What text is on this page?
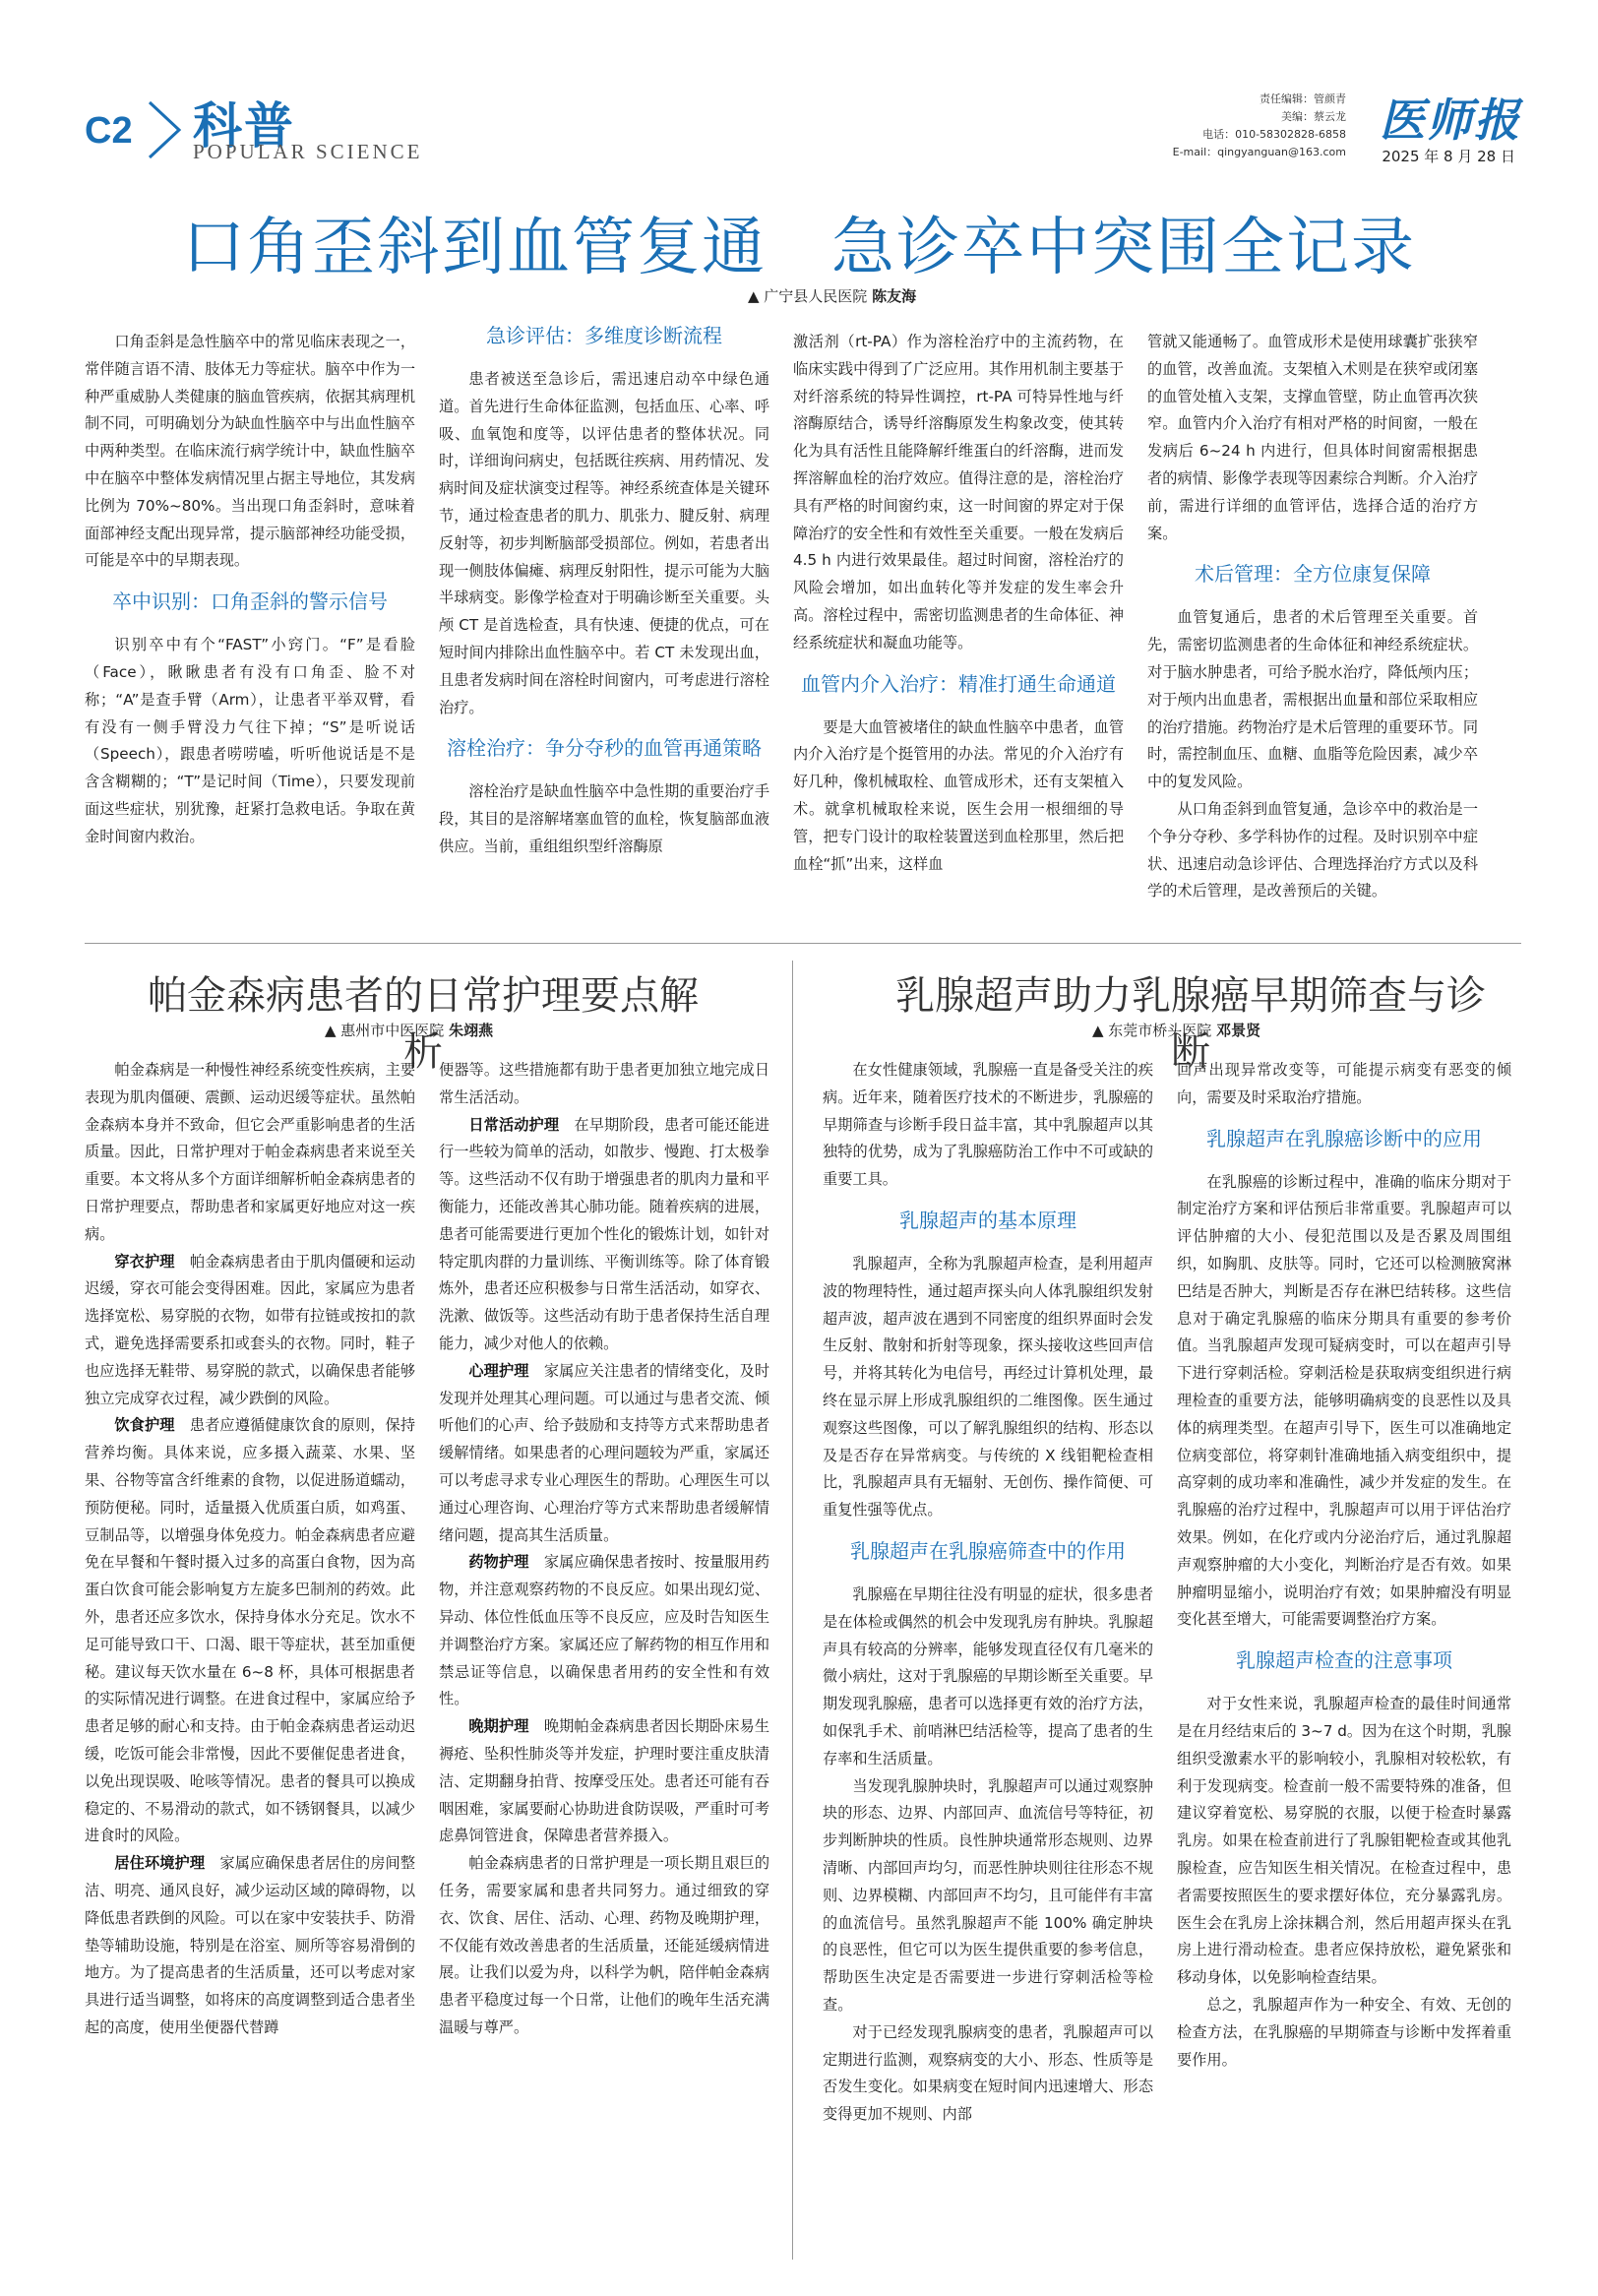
C2 科普
POPULAR SCIENCE
责任编辑：管颜青
美编：蔡云龙
电话：010-58302828-6858
E-mail：qingyanguan@163.com
医师报
2025 年 8 月 28 日
口角歪斜到血管复通　急诊卒中突围全记录
▲ 广宁县人民医院 陈友海

口角歪斜是急性脑卒中的常见临床表现之一，常伴随言语不清、肢体无力等症状。脑卒中作为一种严重威胁人类健康的脑血管疾病，依据其病理机制不同，可明确划分为缺血性脑卒中与出血性脑卒中两种类型。在临床流行病学统计中，缺血性脑卒中在脑卒中整体发病情况里占据主导地位，其发病比例为 70%~80%。当出现口角歪斜时，意味着面部神经支配出现异常，提示脑部神经功能受损，可能是卒中的早期表现。

卒中识别：口角歪斜的警示信号

识别卒中有个“FAST”小窍门。“F”是看脸（Face），瞅瞅患者有没有口角歪、脸不对称；“A”是查手臂（Arm），让患者平举双臂，看有没有一侧手臂没力气往下掉；“S”是听说话（Speech），跟患者唠唠嗑，听听他说话是不是含含糊糊的；“T”是记时间（Time），只要发现前面这些症状，别犹豫，赶紧打急救电话。争取在黄金时间窗内救治。

急诊评估：多维度诊断流程

患者被送至急诊后，需迅速启动卒中绿色通道。首先进行生命体征监测，包括血压、心率、呼吸、血氧饱和度等，以评估患者的整体状况。同时，详细询问病史，包括既往疾病、用药情况、发病时间及症状演变过程等。神经系统查体是关键环节，通过检查患者的肌力、肌张力、腱反射、病理反射等，初步判断脑部受损部位。例如，若患者出现一侧肢体偏瘫、病理反射阳性，提示可能为大脑半球病变。影像学检查对于明确诊断至关重要。头颅 CT 是首选检查，具有快速、便捷的优点，可在短时间内排除出血性脑卒中。若 CT 未发现出血，且患者发病时间在溶栓时间窗内，可考虑进行溶栓治疗。

溶栓治疗：争分夺秒的血管再通策略

溶栓治疗是缺血性脑卒中急性期的重要治疗手段，其目的是溶解堵塞血管的血栓，恢复脑部血液供应。当前，重组组织型纤溶酶原

激活剂（rt-PA）作为溶栓治疗中的主流药物，在临床实践中得到了广泛应用。其作用机制主要基于对纤溶系统的特异性调控，rt-PA 可特异性地与纤溶酶原结合，诱导纤溶酶原发生构象改变，使其转化为具有活性且能降解纤维蛋白的纤溶酶，进而发挥溶解血栓的治疗效应。值得注意的是，溶栓治疗具有严格的时间窗约束，这一时间窗的界定对于保障治疗的安全性和有效性至关重要。一般在发病后 4.5 h 内进行效果最佳。超过时间窗，溶栓治疗的风险会增加，如出血转化等并发症的发生率会升高。溶栓过程中，需密切监测患者的生命体征、神经系统症状和凝血功能等。

血管内介入治疗：精准打通生命通道

要是大血管被堵住的缺血性脑卒中患者，血管内介入治疗是个挺管用的办法。常见的介入治疗有好几种，像机械取栓、血管成形术，还有支架植入术。就拿机械取栓来说，医生会用一根细细的导管，把专门设计的取栓装置送到血栓那里，然后把血栓“抓”出来，这样血

管就又能通畅了。血管成形术是使用球囊扩张狭窄的血管，改善血流。支架植入术则是在狭窄或闭塞的血管处植入支架，支撑血管壁，防止血管再次狭窄。血管内介入治疗有相对严格的时间窗，一般在发病后 6~24 h 内进行，但具体时间窗需根据患者的病情、影像学表现等因素综合判断。介入治疗前，需进行详细的血管评估，选择合适的治疗方案。

术后管理：全方位康复保障

血管复通后，患者的术后管理至关重要。首先，需密切监测患者的生命体征和神经系统症状。对于脑水肿患者，可给予脱水治疗，降低颅内压；对于颅内出血患者，需根据出血量和部位采取相应的治疗措施。药物治疗是术后管理的重要环节。同时，需控制血压、血糖、血脂等危险因素，减少卒中的复发风险。

从口角歪斜到血管复通，急诊卒中的救治是一个争分夺秒、多学科协作的过程。及时识别卒中症状、迅速启动急诊评估、合理选择治疗方式以及科学的术后管理，是改善预后的关键。

帕金森病患者的日常护理要点解析
▲ 惠州市中医医院 朱翊燕

帕金森病是一种慢性神经系统变性疾病，主要表现为肌肉僵硬、震颤、运动迟缓等症状。虽然帕金森病本身并不致命，但它会严重影响患者的生活质量。因此，日常护理对于帕金森病患者来说至关重要。本文将从多个方面详细解析帕金森病患者的日常护理要点，帮助患者和家属更好地应对这一疾病。

穿衣护理　 帕金森病患者由于肌肉僵硬和运动迟缓，穿衣可能会变得困难。因此，家属应为患者选择宽松、易穿脱的衣物，如带有拉链或按扣的款式，避免选择需要系扣或套头的衣物。同时，鞋子也应选择无鞋带、易穿脱的款式，以确保患者能够独立完成穿衣过程，减少跌倒的风险。

饮食护理　 患者应遵循健康饮食的原则，保持营养均衡。具体来说，应多摄入蔬菜、水果、坚果、谷物等富含纤维素的食物，以促进肠道蠕动，预防便秘。同时，适量摄入优质蛋白质，如鸡蛋、豆制品等，以增强身体免疫力。帕金森病患者应避免在早餐和午餐时摄入过多的高蛋白食物，因为高蛋白饮食可能会影响复方左旋多巴制剂的药效。此外，患者还应多饮水，保持身体水分充足。饮水不足可能导致口干、口渴、眼干等症状，甚至加重便秘。建议每天饮水量在 6~8 杯，具体可根据患者的实际情况进行调整。在进食过程中，家属应给予患者足够的耐心和支持。由于帕金森病患者运动迟缓，吃饭可能会非常慢，因此不要催促患者进食，以免出现误吸、呛咳等情况。患者的餐具可以换成稳定的、不易滑动的款式，如不锈钢餐具，以减少进食时的风险。

居住环境护理　 家属应确保患者居住的房间整洁、明亮、通风良好，减少运动区域的障碍物，以降低患者跌倒的风险。可以在家中安装扶手、防滑垫等辅助设施，特别是在浴室、厕所等容易滑倒的地方。为了提高患者的生活质量，还可以考虑对家具进行适当调整，如将床的高度调整到适合患者坐起的高度，使用坐便器代替蹲

便器等。这些措施都有助于患者更加独立地完成日常生活活动。

日常活动护理　 在早期阶段，患者可能还能进行一些较为简单的活动，如散步、慢跑、打太极拳等。这些活动不仅有助于增强患者的肌肉力量和平衡能力，还能改善其心肺功能。随着疾病的进展，患者可能需要进行更加个性化的锻炼计划，如针对特定肌肉群的力量训练、平衡训练等。除了体育锻炼外，患者还应积极参与日常生活活动，如穿衣、洗漱、做饭等。这些活动有助于患者保持生活自理能力，减少对他人的依赖。

心理护理　 家属应关注患者的情绪变化，及时发现并处理其心理问题。可以通过与患者交流、倾听他们的心声、给予鼓励和支持等方式来帮助患者缓解情绪。如果患者的心理问题较为严重，家属还可以考虑寻求专业心理医生的帮助。心理医生可以通过心理咨询、心理治疗等方式来帮助患者缓解情绪问题，提高其生活质量。

药物护理　 家属应确保患者按时、按量服用药物，并注意观察药物的不良反应。如果出现幻觉、异动、体位性低血压等不良反应，应及时告知医生并调整治疗方案。家属还应了解药物的相互作用和禁忌证等信息，以确保患者用药的安全性和有效性。

晚期护理　 晚期帕金森病患者因长期卧床易生褥疮、坠积性肺炎等并发症，护理时要注重皮肤清洁、定期翻身拍背、按摩受压处。患者还可能有吞咽困难，家属要耐心协助进食防误吸，严重时可考虑鼻饲管进食，保障患者营养摄入。

帕金森病患者的日常护理是一项长期且艰巨的任务，需要家属和患者共同努力。通过细致的穿衣、饮食、居住、活动、心理、药物及晚期护理，不仅能有效改善患者的生活质量，还能延缓病情进展。让我们以爱为舟，以科学为帆，陪伴帕金森病患者平稳度过每一个日常，让他们的晚年生活充满温暖与尊严。

乳腺超声助力乳腺癌早期筛查与诊断
▲ 东莞市桥头医院 邓景贤

在女性健康领域，乳腺癌一直是备受关注的疾病。近年来，随着医疗技术的不断进步，乳腺癌的早期筛查与诊断手段日益丰富，其中乳腺超声以其独特的优势，成为了乳腺癌防治工作中不可或缺的重要工具。

乳腺超声的基本原理

乳腺超声，全称为乳腺超声检查，是利用超声波的物理特性，通过超声探头向人体乳腺组织发射超声波，超声波在遇到不同密度的组织界面时会发生反射、散射和折射等现象，探头接收这些回声信号，并将其转化为电信号，再经过计算机处理，最终在显示屏上形成乳腺组织的二维图像。医生通过观察这些图像，可以了解乳腺组织的结构、形态以及是否存在异常病变。与传统的 X 线钼靶检查相比，乳腺超声具有无辐射、无创伤、操作简便、可重复性强等优点。

乳腺超声在乳腺癌筛查中的作用

乳腺癌在早期往往没有明显的症状，很多患者是在体检或偶然的机会中发现乳房有肿块。乳腺超声具有较高的分辨率，能够发现直径仅有几毫米的微小病灶，这对于乳腺癌的早期诊断至关重要。早期发现乳腺癌，患者可以选择更有效的治疗方法，如保乳手术、前哨淋巴结活检等，提高了患者的生存率和生活质量。

当发现乳腺肿块时，乳腺超声可以通过观察肿块的形态、边界、内部回声、血流信号等特征，初步判断肿块的性质。良性肿块通常形态规则、边界清晰、内部回声均匀，而恶性肿块则往往形态不规则、边界模糊、内部回声不均匀，且可能伴有丰富的血流信号。虽然乳腺超声不能 100% 确定肿块的良恶性，但它可以为医生提供重要的参考信息，帮助医生决定是否需要进一步进行穿刺活检等检查。

对于已经发现乳腺病变的患者，乳腺超声可以定期进行监测，观察病变的大小、形态、性质等是否发生变化。如果病变在短时间内迅速增大、形态变得更加不规则、内部

回声出现异常改变等，可能提示病变有恶变的倾向，需要及时采取治疗措施。

乳腺超声在乳腺癌诊断中的应用

在乳腺癌的诊断过程中，准确的临床分期对于制定治疗方案和评估预后非常重要。乳腺超声可以评估肿瘤的大小、侵犯范围以及是否累及周围组织，如胸肌、皮肤等。同时，它还可以检测腋窝淋巴结是否肿大，判断是否存在淋巴结转移。这些信息对于确定乳腺癌的临床分期具有重要的参考价值。当乳腺超声发现可疑病变时，可以在超声引导下进行穿刺活检。穿刺活检是获取病变组织进行病理检查的重要方法，能够明确病变的良恶性以及具体的病理类型。在超声引导下，医生可以准确地定位病变部位，将穿刺针准确地插入病变组织中，提高穿刺的成功率和准确性，减少并发症的发生。在乳腺癌的治疗过程中，乳腺超声可以用于评估治疗效果。例如，在化疗或内分泌治疗后，通过乳腺超声观察肿瘤的大小变化，判断治疗是否有效。如果肿瘤明显缩小，说明治疗有效；如果肿瘤没有明显变化甚至增大，可能需要调整治疗方案。

乳腺超声检查的注意事项

对于女性来说，乳腺超声检查的最佳时间通常是在月经结束后的 3~7 d。因为在这个时期，乳腺组织受激素水平的影响较小，乳腺相对较松软，有利于发现病变。检查前一般不需要特殊的准备，但建议穿着宽松、易穿脱的衣服，以便于检查时暴露乳房。如果在检查前进行了乳腺钼靶检查或其他乳腺检查，应告知医生相关情况。在检查过程中，患者需要按照医生的要求摆好体位，充分暴露乳房。医生会在乳房上涂抹耦合剂，然后用超声探头在乳房上进行滑动检查。患者应保持放松，避免紧张和移动身体，以免影响检查结果。

总之，乳腺超声作为一种安全、有效、无创的检查方法，在乳腺癌的早期筛查与诊断中发挥着重要作用。
